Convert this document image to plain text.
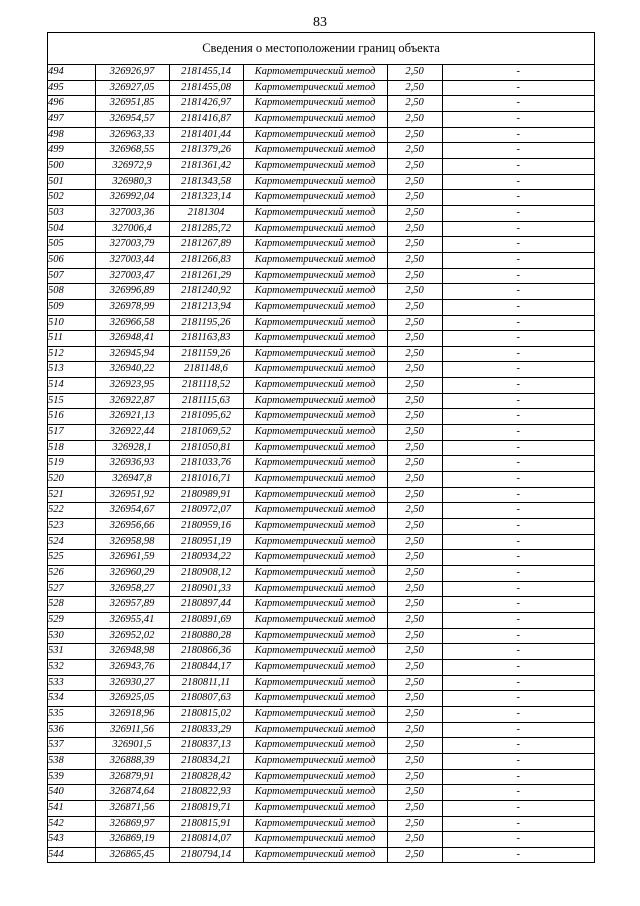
83
Сведения о местоположении границ объекта
494	326926,97	2181455,14	Картометрический метод	2,50	-
495	326927,05	2181455,08	Картометрический метод	2,50	-
496	326951,85	2181426,97	Картометрический метод	2,50	-
497	326954,57	2181416,87	Картометрический метод	2,50	-
498	326963,33	2181401,44	Картометрический метод	2,50	-
499	326968,55	2181379,26	Картометрический метод	2,50	-
500	326972,9	2181361,42	Картометрический метод	2,50	-
501	326980,3	2181343,58	Картометрический метод	2,50	-
502	326992,04	2181323,14	Картометрический метод	2,50	-
503	327003,36	2181304	Картометрический метод	2,50	-
504	327006,4	2181285,72	Картометрический метод	2,50	-
505	327003,79	2181267,89	Картометрический метод	2,50	-
506	327003,44	2181266,83	Картометрический метод	2,50	-
507	327003,47	2181261,29	Картометрический метод	2,50	-
508	326996,89	2181240,92	Картометрический метод	2,50	-
509	326978,99	2181213,94	Картометрический метод	2,50	-
510	326966,58	2181195,26	Картометрический метод	2,50	-
511	326948,41	2181163,83	Картометрический метод	2,50	-
512	326945,94	2181159,26	Картометрический метод	2,50	-
513	326940,22	2181148,6	Картометрический метод	2,50	-
514	326923,95	2181118,52	Картометрический метод	2,50	-
515	326922,87	2181115,63	Картометрический метод	2,50	-
516	326921,13	2181095,62	Картометрический метод	2,50	-
517	326922,44	2181069,52	Картометрический метод	2,50	-
518	326928,1	2181050,81	Картометрический метод	2,50	-
519	326936,93	2181033,76	Картометрический метод	2,50	-
520	326947,8	2181016,71	Картометрический метод	2,50	-
521	326951,92	2180989,91	Картометрический метод	2,50	-
522	326954,67	2180972,07	Картометрический метод	2,50	-
523	326956,66	2180959,16	Картометрический метод	2,50	-
524	326958,98	2180951,19	Картометрический метод	2,50	-
525	326961,59	2180934,22	Картометрический метод	2,50	-
526	326960,29	2180908,12	Картометрический метод	2,50	-
527	326958,27	2180901,33	Картометрический метод	2,50	-
528	326957,89	2180897,44	Картометрический метод	2,50	-
529	326955,41	2180891,69	Картометрический метод	2,50	-
530	326952,02	2180880,28	Картометрический метод	2,50	-
531	326948,98	2180866,36	Картометрический метод	2,50	-
532	326943,76	2180844,17	Картометрический метод	2,50	-
533	326930,27	2180811,11	Картометрический метод	2,50	-
534	326925,05	2180807,63	Картометрический метод	2,50	-
535	326918,96	2180815,02	Картометрический метод	2,50	-
536	326911,56	2180833,29	Картометрический метод	2,50	-
537	326901,5	2180837,13	Картометрический метод	2,50	-
538	326888,39	2180834,21	Картометрический метод	2,50	-
539	326879,91	2180828,42	Картометрический метод	2,50	-
540	326874,64	2180822,93	Картометрический метод	2,50	-
541	326871,56	2180819,71	Картометрический метод	2,50	-
542	326869,97	2180815,91	Картометрический метод	2,50	-
543	326869,19	2180814,07	Картометрический метод	2,50	-
544	326865,45	2180794,14	Картометрический метод	2,50	-
